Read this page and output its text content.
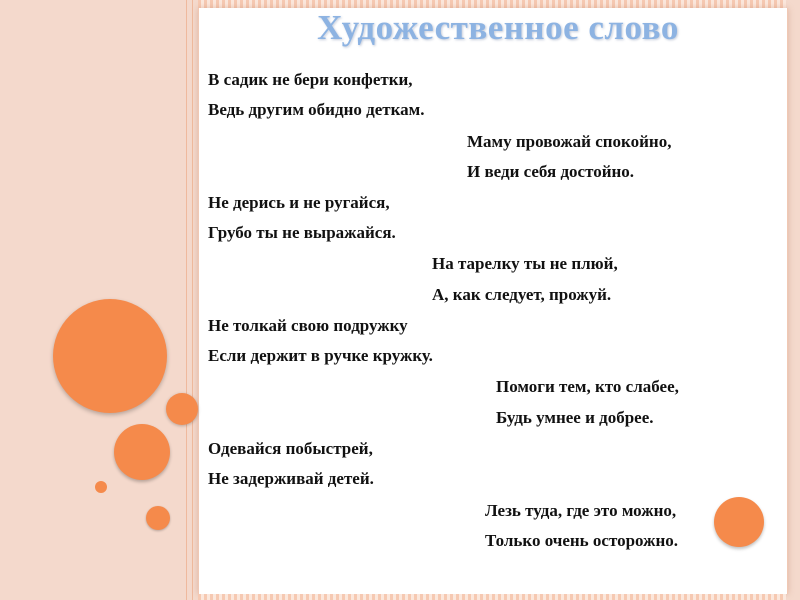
Художественное слово
В садик не бери конфетки,
Ведь другим обидно деткам.
Маму провожай спокойно,
И веди себя достойно.
Не дерись и не ругайся,
Грубо ты не выражайся.
На тарелку ты не плюй,
А, как следует, прожуй.
Не толкай свою подружку
Если держит в ручке кружку.
Помоги тем, кто слабее,
Будь умнее и добрее.
Одевайся побыстрей,
Не задерживай детей.
Лезь туда, где это можно,
Только очень осторожно.
